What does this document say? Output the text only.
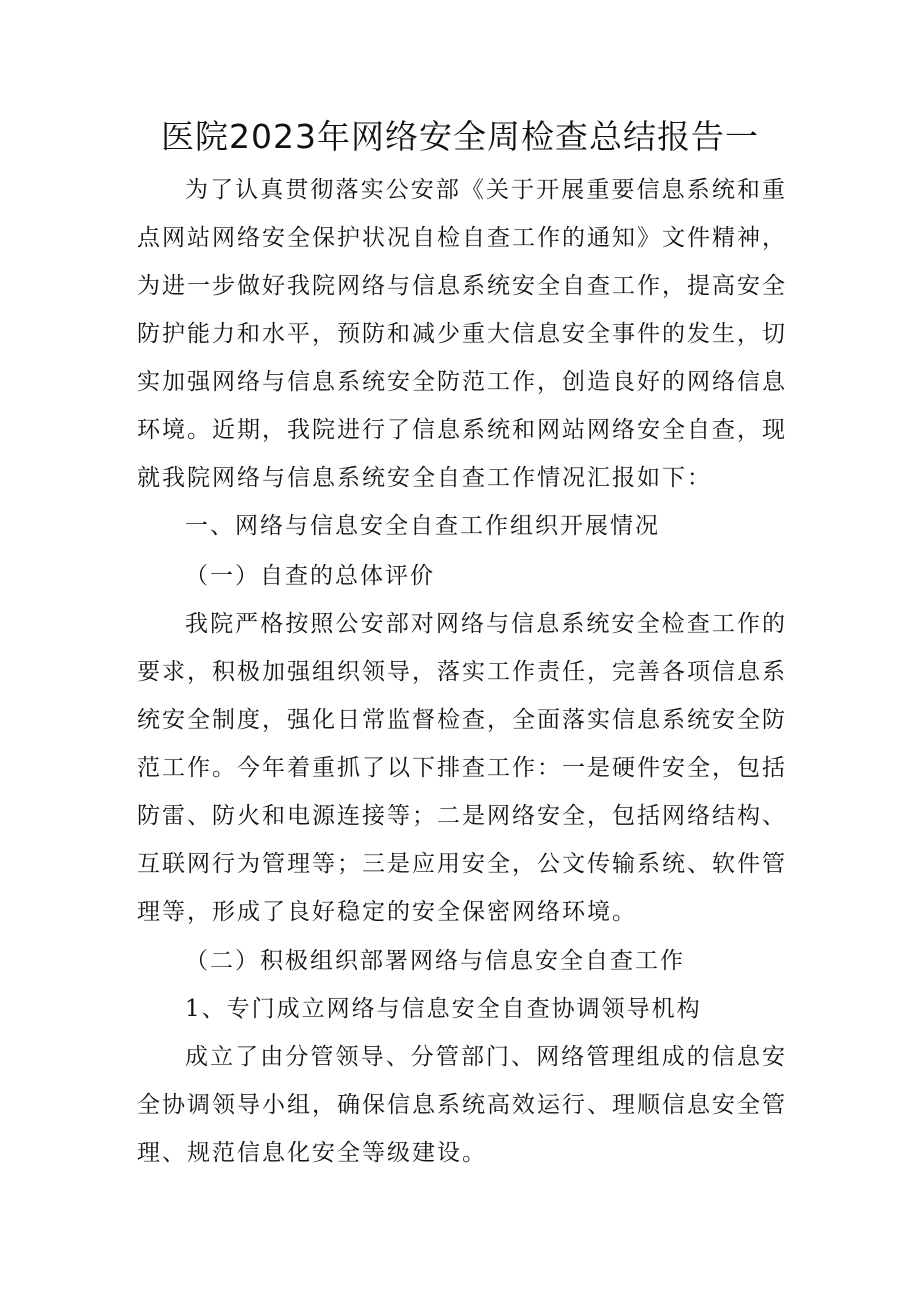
医院2023年网络安全周检查总结报告一

为了认真贯彻落实公安部《关于开展重要信息系统和重点网站网络安全保护状况自检自查工作的通知》文件精神，为进一步做好我院网络与信息系统安全自查工作，提高安全防护能力和水平，预防和减少重大信息安全事件的发生，切实加强网络与信息系统安全防范工作，创造良好的网络信息环境。近期，我院进行了信息系统和网站网络安全自查，现就我院网络与信息系统安全自查工作情况汇报如下：

一、网络与信息安全自查工作组织开展情况

（一）自查的总体评价

我院严格按照公安部对网络与信息系统安全检查工作的要求，积极加强组织领导，落实工作责任，完善各项信息系统安全制度，强化日常监督检查，全面落实信息系统安全防范工作。今年着重抓了以下排查工作：一是硬件安全，包括防雷、防火和电源连接等；二是网络安全，包括网络结构、互联网行为管理等；三是应用安全，公文传输系统、软件管理等，形成了良好稳定的安全保密网络环境。

（二）积极组织部署网络与信息安全自查工作

1、专门成立网络与信息安全自查协调领导机构

成立了由分管领导、分管部门、网络管理组成的信息安全协调领导小组，确保信息系统高效运行、理顺信息安全管理、规范信息化安全等级建设。
